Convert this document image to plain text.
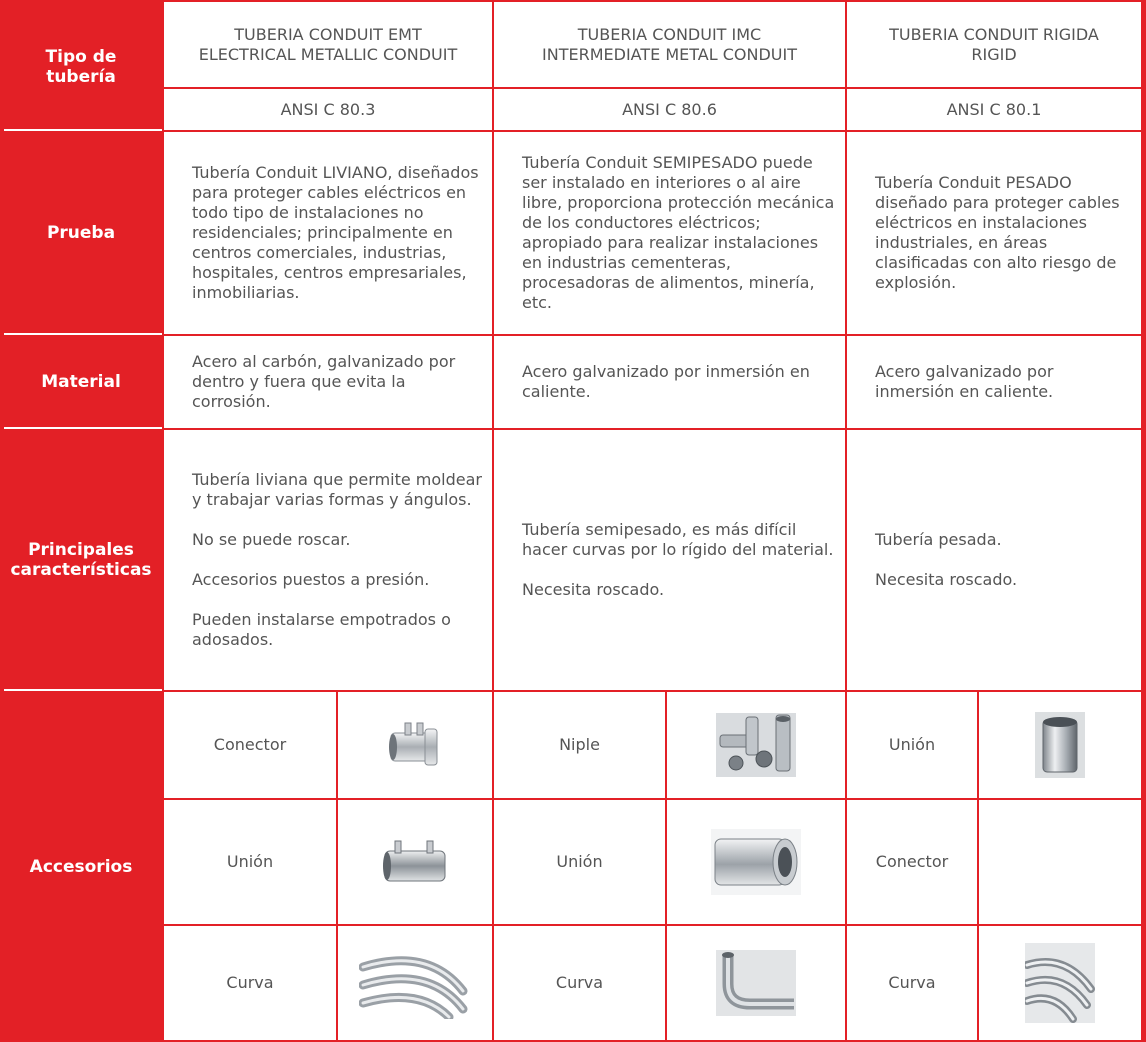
Tipo de tubería
Prueba
Material
Principales características
Accesorios
TUBERIA CONDUIT EMT
ELECTRICAL METALLIC CONDUIT
ANSI C 80.3

Tubería Conduit LIVIANO, diseñados para proteger cables eléctricos en todo tipo de instalaciones no residenciales; principalmente en centros comerciales, industrias, hospitales, centros empresariales, inmobiliarias.

Acero al carbón, galvanizado por dentro y fuera que evita la corrosión.

Tubería liviana que permite moldear y trabajar varias formas y ángulos.

No se puede roscar.

Accesorios puestos a presión.

Pueden instalarse empotrados o adosados.

Conector
Unión
Curva
TUBERIA CONDUIT IMC
INTERMEDIATE METAL CONDUIT
ANSI C 80.6

Tubería Conduit SEMIPESADO puede ser instalado en interiores o al aire libre, proporciona protección mecánica de los conductores eléctricos; apropiado para realizar instalaciones en industrias cementeras, procesadoras de alimentos, minería, etc.

Acero galvanizado por inmersión en caliente.

Tubería semipesado, es más difícil hacer curvas por lo rígido del material.

Necesita roscado.

Niple
Unión
Curva
TUBERIA CONDUIT RIGIDA
RIGID
ANSI C 80.1

Tubería Conduit PESADO diseñado para proteger cables eléctricos en instalaciones industriales, en áreas clasificadas con alto riesgo de explosión.

Acero galvanizado por inmersión en caliente.

Tubería pesada.

Necesita roscado.

Unión
Conector
Curva
